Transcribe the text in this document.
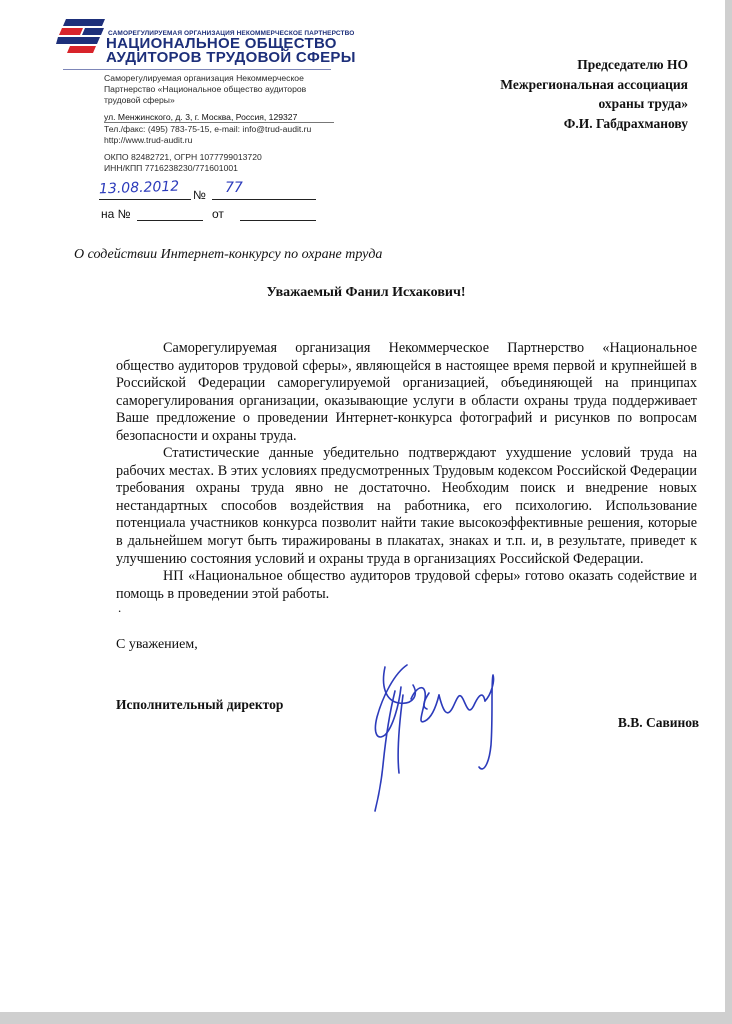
САМОРЕГУЛИРУЕМАЯ ОРГАНИЗАЦИЯ НЕКОММЕРЧЕСКОЕ ПАРТНЕРСТВО
НАЦИОНАЛЬНОЕ ОБЩЕСТВО
АУДИТОРОВ ТРУДОВОЙ СФЕРЫ
Саморегулируемая организация Некоммерческое
Партнерство «Национальное общество аудиторов
трудовой сферы»
ул. Менжинского, д. 3, г. Москва, Россия, 129327
Тел./факс: (495) 783-75-15, e-mail: info@trud-audit.ru
http://www.trud-audit.ru
ОКПО 82482721, ОГРН 1077799013720
ИНН/КПП 7716238230/771601001
13.08.2012 № 77
на №	от
Председателю НО
Межрегиональная ассоциация
охраны труда»
Ф.И. Габдрахманову
О содействии Интернет-конкурсу по охране труда
Уважаемый Фанил Исхакович!

Саморегулируемая организация Некоммерческое Партнерство «Национальное общество аудиторов трудовой сферы», являющейся в настоящее время первой и крупнейшей в Российской Федерации саморегулируемой организацией, объединяющей на принципах саморегулирования организации, оказывающие услуги в области охраны труда поддерживает Ваше предложение о проведении Интернет-конкурса фотографий и рисунков по вопросам безопасности и охраны труда.

Статистические данные убедительно подтверждают ухудшение условий труда на рабочих местах. В этих условиях предусмотренных Трудовым кодексом Российской Федерации требования охраны труда явно не достаточно. Необходим поиск и внедрение новых нестандартных способов воздействия на работника, его психологию. Использование потенциала участников конкурса позволит найти такие высокоэффективные решения, которые в дальнейшем могут быть тиражированы в плакатах, знаках и т.п. и, в результате, приведет к улучшению состояния условий и охраны труда в организациях Российской Федерации.

НП «Национальное общество аудиторов трудовой сферы» готово оказать содействие и помощь в проведении этой работы.

.
С уважением,
Исполнительный директор
В.В. Савинов
